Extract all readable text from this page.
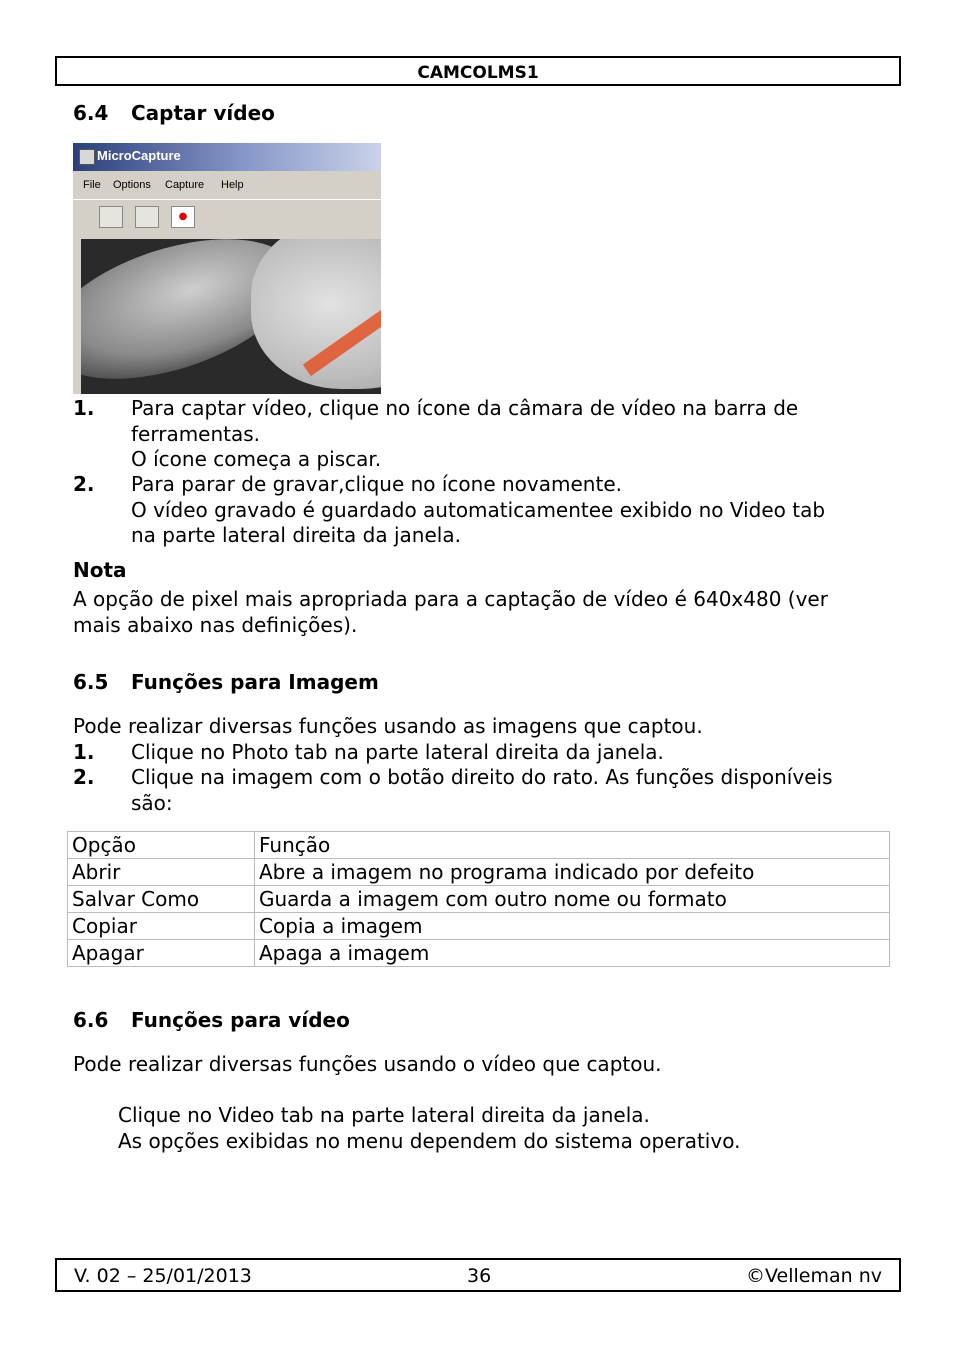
CAMCOLMS1
6.4 Captar vídeo
MicroCapture
File Options Capture Help
●
1. Para captar vídeo, clique no ícone da câmara de vídeo na barra de
ferramentas.
O ícone começa a piscar.
2. Para parar de gravar,clique no ícone novamente.
O vídeo gravado é guardado automaticamentee exibido no Video tab
na parte lateral direita da janela.
Nota
A opção de pixel mais apropriada para a captação de vídeo é 640x480 (ver
mais abaixo nas definições).
6.5 Funções para Imagem
Pode realizar diversas funções usando as imagens que captou.
1. Clique no Photo tab na parte lateral direita da janela.
2. Clique na imagem com o botão direito do rato. As funções disponíveis
são:
Opção	Função
Abrir	Abre a imagem no programa indicado por defeito
Salvar Como	Guarda a imagem com outro nome ou formato
Copiar	Copia a imagem
Apagar	Apaga a imagem
6.6 Funções para vídeo
Pode realizar diversas funções usando o vídeo que captou.
Clique no Video tab na parte lateral direita da janela.
As opções exibidas no menu dependem do sistema operativo.
V. 02 – 25/01/2013	36	©Velleman nv
